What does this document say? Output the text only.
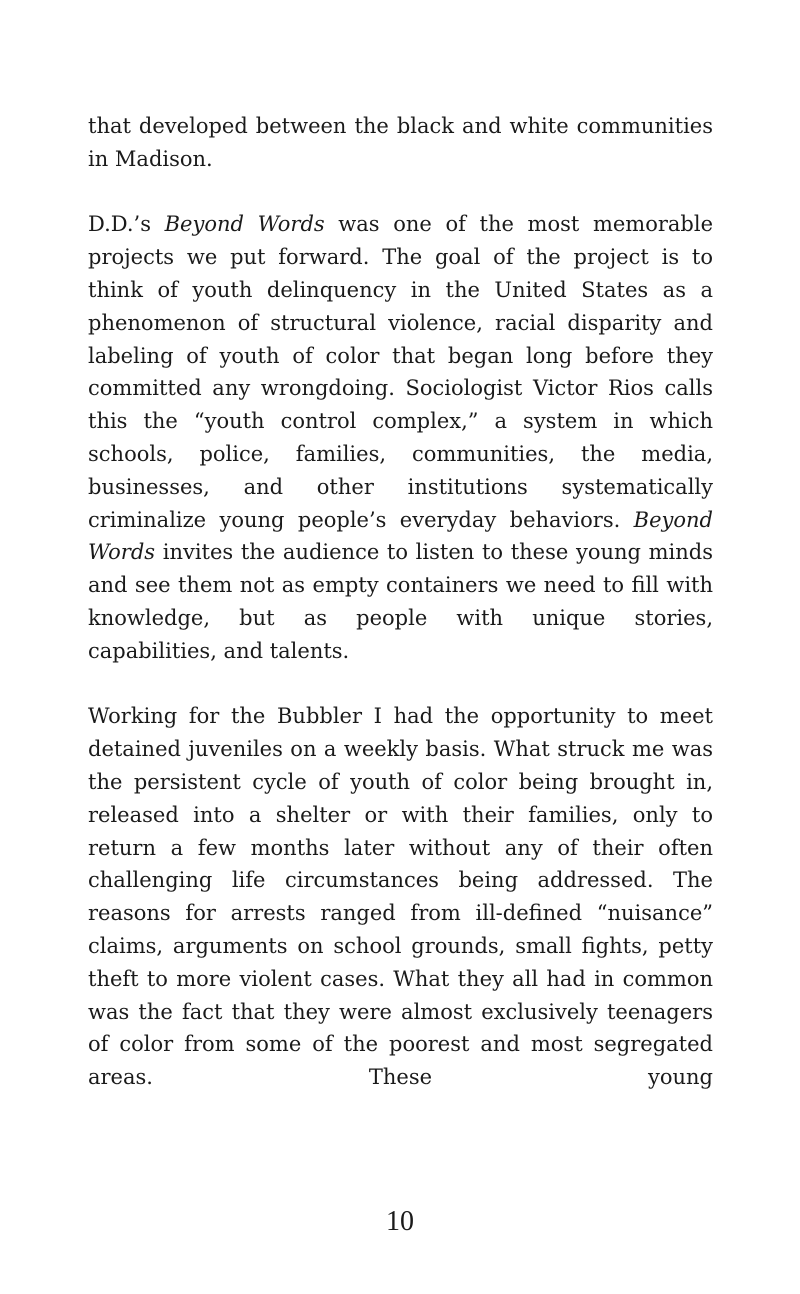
that developed between the black and white communities in Madison.

D.D.’s Beyond Words was one of the most memorable projects we put forward. The goal of the project is to think of youth delinquency in the United States as a phenomenon of structural violence, racial disparity and labeling of youth of color that began long before they committed any wrongdoing. Sociologist Victor Rios calls this the “youth control complex,” a system in which schools, police, families, communities, the media, businesses, and other institutions systematically criminalize young people’s everyday behaviors. Beyond Words invites the audience to listen to these young minds and see them not as empty containers we need to fill with knowledge, but as people with unique stories, capabilities, and talents.

Working for the Bubbler I had the opportunity to meet detained juveniles on a weekly basis. What struck me was the persistent cycle of youth of color being brought in, released into a shelter or with their families, only to return a few months later without any of their often challenging life circumstances being addressed. The reasons for arrests ranged from ill-defined “nuisance” claims, arguments on school grounds, small fights, petty theft to more violent cases. What they all had in common was the fact that they were almost exclusively teenagers of color from some of the poorest and most segregated areas. These young

10
